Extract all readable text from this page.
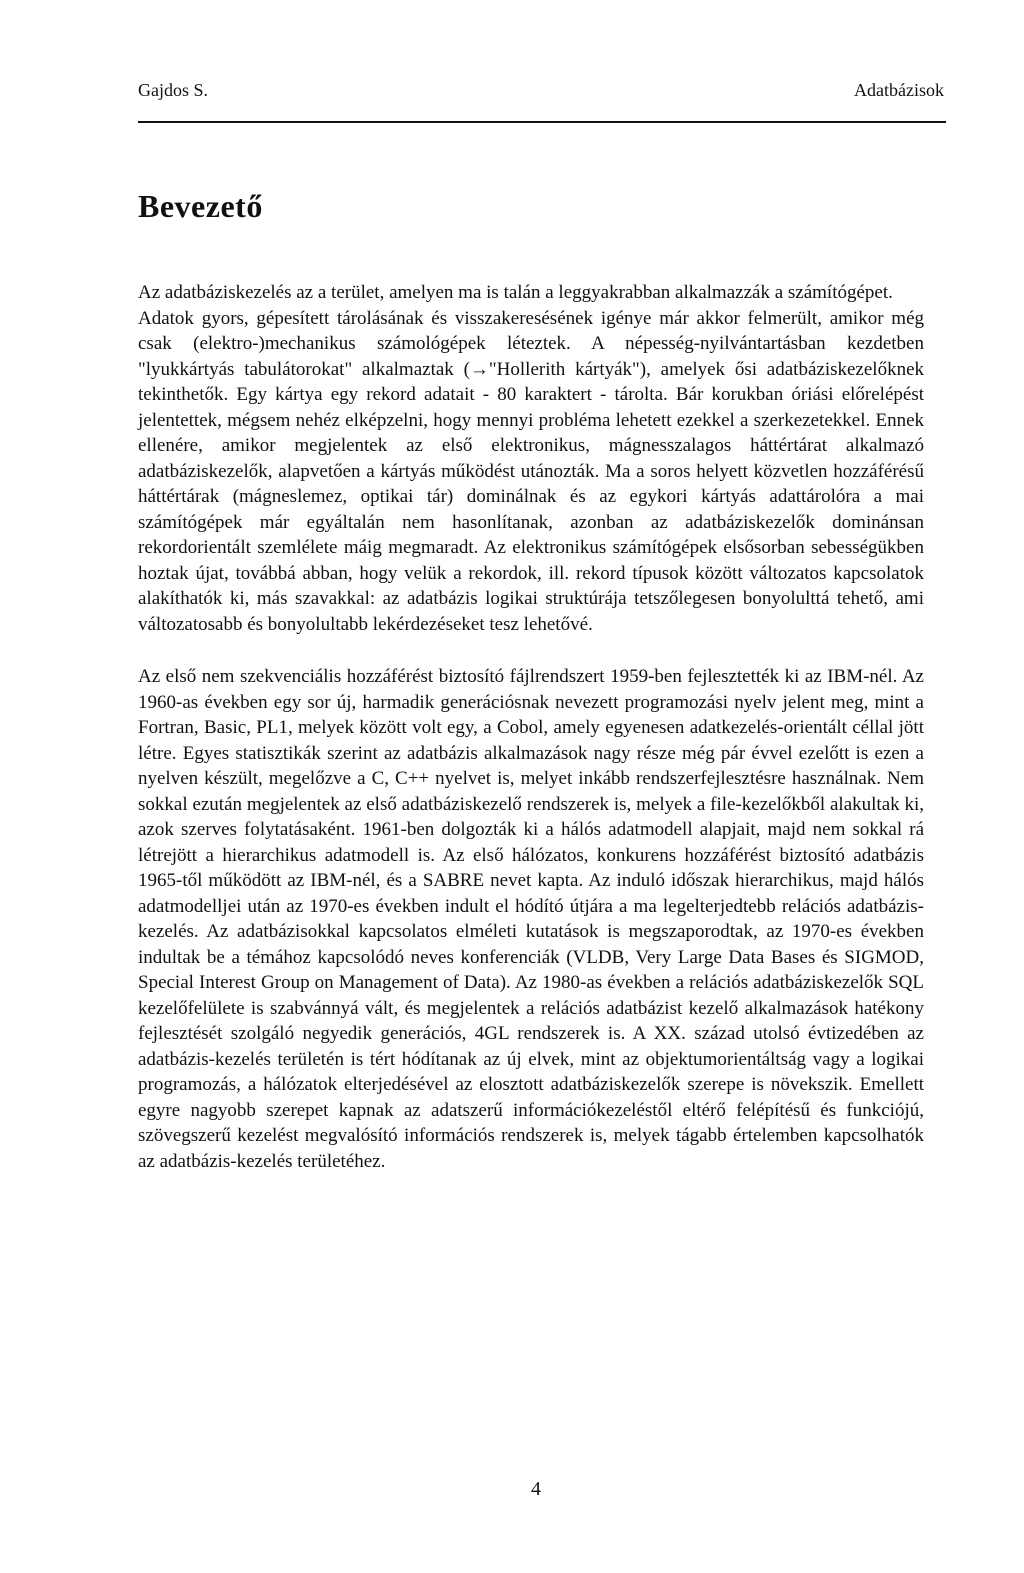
Gajdos S.	Adatbázisok
Bevezető

Az adatbáziskezelés az a terület, amelyen ma is talán a leggyakrabban alkalmazzák a számítógépet.

Adatok gyors, gépesített tárolásának és visszakeresésének igénye már akkor felmerült, amikor még csak (elektro-)mechanikus számológépek léteztek. A népesség-nyilvántartásban kezdetben "lyukkártyás tabulátorokat" alkalmaztak (→"Hollerith kártyák"), amelyek ősi adatbáziskezelőknek tekinthetők. Egy kártya egy rekord adatait - 80 karaktert - tárolta. Bár korukban óriási előrelépést jelentettek, mégsem nehéz elképzelni, hogy mennyi probléma lehetett ezekkel a szerkezetekkel. Ennek ellenére, amikor megjelentek az első elektronikus, mágnesszalagos háttértárat alkalmazó adatbáziskezelők, alapvetően a kártyás működést utánozták. Ma a soros helyett közvetlen hozzáférésű háttértárak (mágneslemez, optikai tár) dominálnak és az egykori kártyás adattárolóra a mai számítógépek már egyáltalán nem hasonlítanak, azonban az adatbáziskezelők dominánsan rekordorientált szemlélete máig megmaradt. Az elektronikus számítógépek elsősorban sebességükben hoztak újat, továbbá abban, hogy velük a rekordok, ill. rekord típusok között változatos kapcsolatok alakíthatók ki, más szavakkal: az adatbázis logikai struktúrája tetszőlegesen bonyolulttá tehető, ami változatosabb és bonyolultabb lekérdezéseket tesz lehetővé.

Az első nem szekvenciális hozzáférést biztosító fájlrendszert 1959-ben fejlesztették ki az IBM-nél. Az 1960-as években egy sor új, harmadik generációsnak nevezett programozási nyelv jelent meg, mint a Fortran, Basic, PL1, melyek között volt egy, a Cobol, amely egyenesen adatkezelés-orientált céllal jött létre. Egyes statisztikák szerint az adatbázis alkalmazások nagy része még pár évvel ezelőtt is ezen a nyelven készült, megelőzve a C, C++ nyelvet is, melyet inkább rendszerfejlesztésre használnak. Nem sokkal ezután megjelentek az első adatbáziskezelő rendszerek is, melyek a file-kezelőkből alakultak ki, azok szerves folytatásaként. 1961-ben dolgozták ki a hálós adatmodell alapjait, majd nem sokkal rá létrejött a hierarchikus adatmodell is. Az első hálózatos, konkurens hozzáférést biztosító adatbázis 1965-től működött az IBM-nél, és a SABRE nevet kapta. Az induló időszak hierarchikus, majd hálós adatmodelljei után az 1970-es években indult el hódító útjára a ma legelterjedtebb relációs adatbázis-kezelés. Az adatbázisokkal kapcsolatos elméleti kutatások is megszaporodtak, az 1970-es években indultak be a témához kapcsolódó neves konferenciák (VLDB, Very Large Data Bases és SIGMOD, Special Interest Group on Management of Data). Az 1980-as években a relációs adatbáziskezelők SQL kezelőfelülete is szabvánnyá vált, és megjelentek a relációs adatbázist kezelő alkalmazások hatékony fejlesztését szolgáló negyedik generációs, 4GL rendszerek is. A XX. század utolsó évtizedében az adatbázis-kezelés területén is tért hódítanak az új elvek, mint az objektumorientáltság vagy a logikai programozás, a hálózatok elterjedésével az elosztott adatbáziskezelők szerepe is növekszik. Emellett egyre nagyobb szerepet kapnak az adatszerű információkezeléstől eltérő felépítésű és funkciójú, szövegszerű kezelést megvalósító információs rendszerek is, melyek tágabb értelemben kapcsolhatók az adatbázis-kezelés területéhez.

4
